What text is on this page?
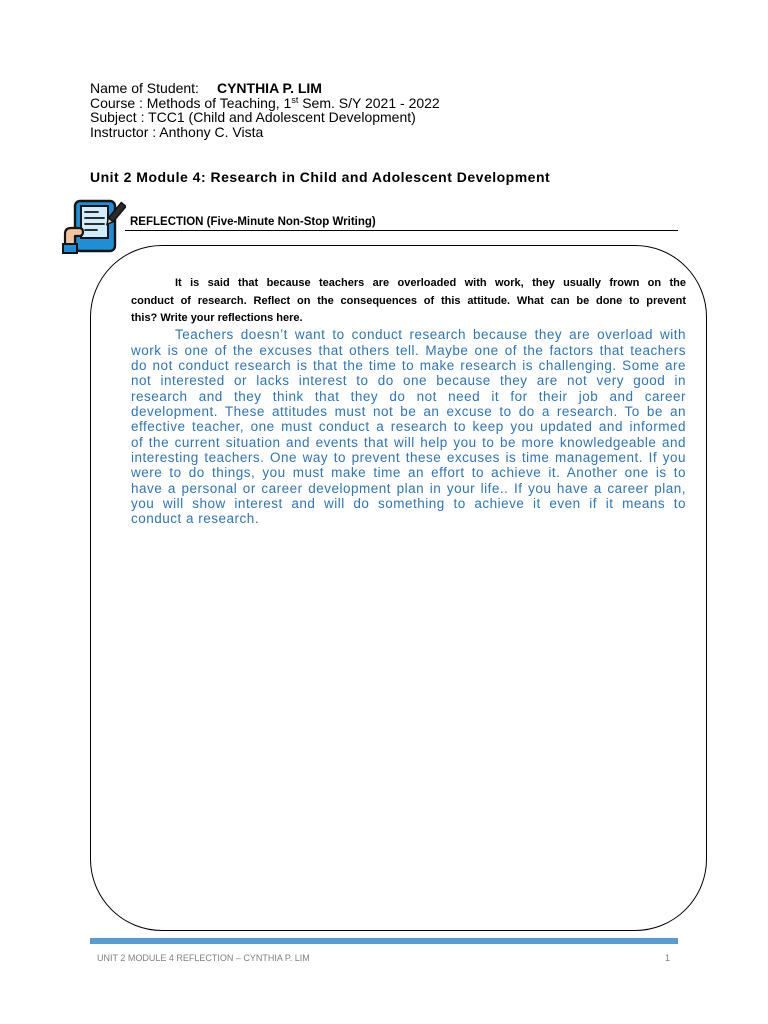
Name of Student: CYNTHIA P. LIM
Course : Methods of Teaching, 1st Sem. S/Y 2021 - 2022
Subject : TCC1 (Child and Adolescent Development)
Instructor : Anthony C. Vista
Unit 2 Module 4: Research in Child and Adolescent Development
REFLECTION (Five-Minute Non-Stop Writing)
It is said that because teachers are overloaded with work, they usually frown on the
conduct of research. Reflect on the consequences of this attitude. What can be done to prevent
this? Write your reflections here.
Teachers doesn’t want to conduct research because they are overload with
work is one of the excuses that others tell. Maybe one of the factors that teachers
do not conduct research is that the time to make research is challenging. Some are
not interested or lacks interest to do one because they are not very good in
research and they think that they do not need it for their job and career
development. These attitudes must not be an excuse to do a research. To be an
effective teacher, one must conduct a research to keep you updated and informed
of the current situation and events that will help you to be more knowledgeable and
interesting teachers. One way to prevent these excuses is time management. If you
were to do things, you must make time an effort to achieve it. Another one is to
have a personal or career development plan in your life.. If you have a career plan,
you will show interest and will do something to achieve it even if it means to
conduct a research.
UNIT 2 MODULE 4 REFLECTION – CYNTHIA P. LIM	1
